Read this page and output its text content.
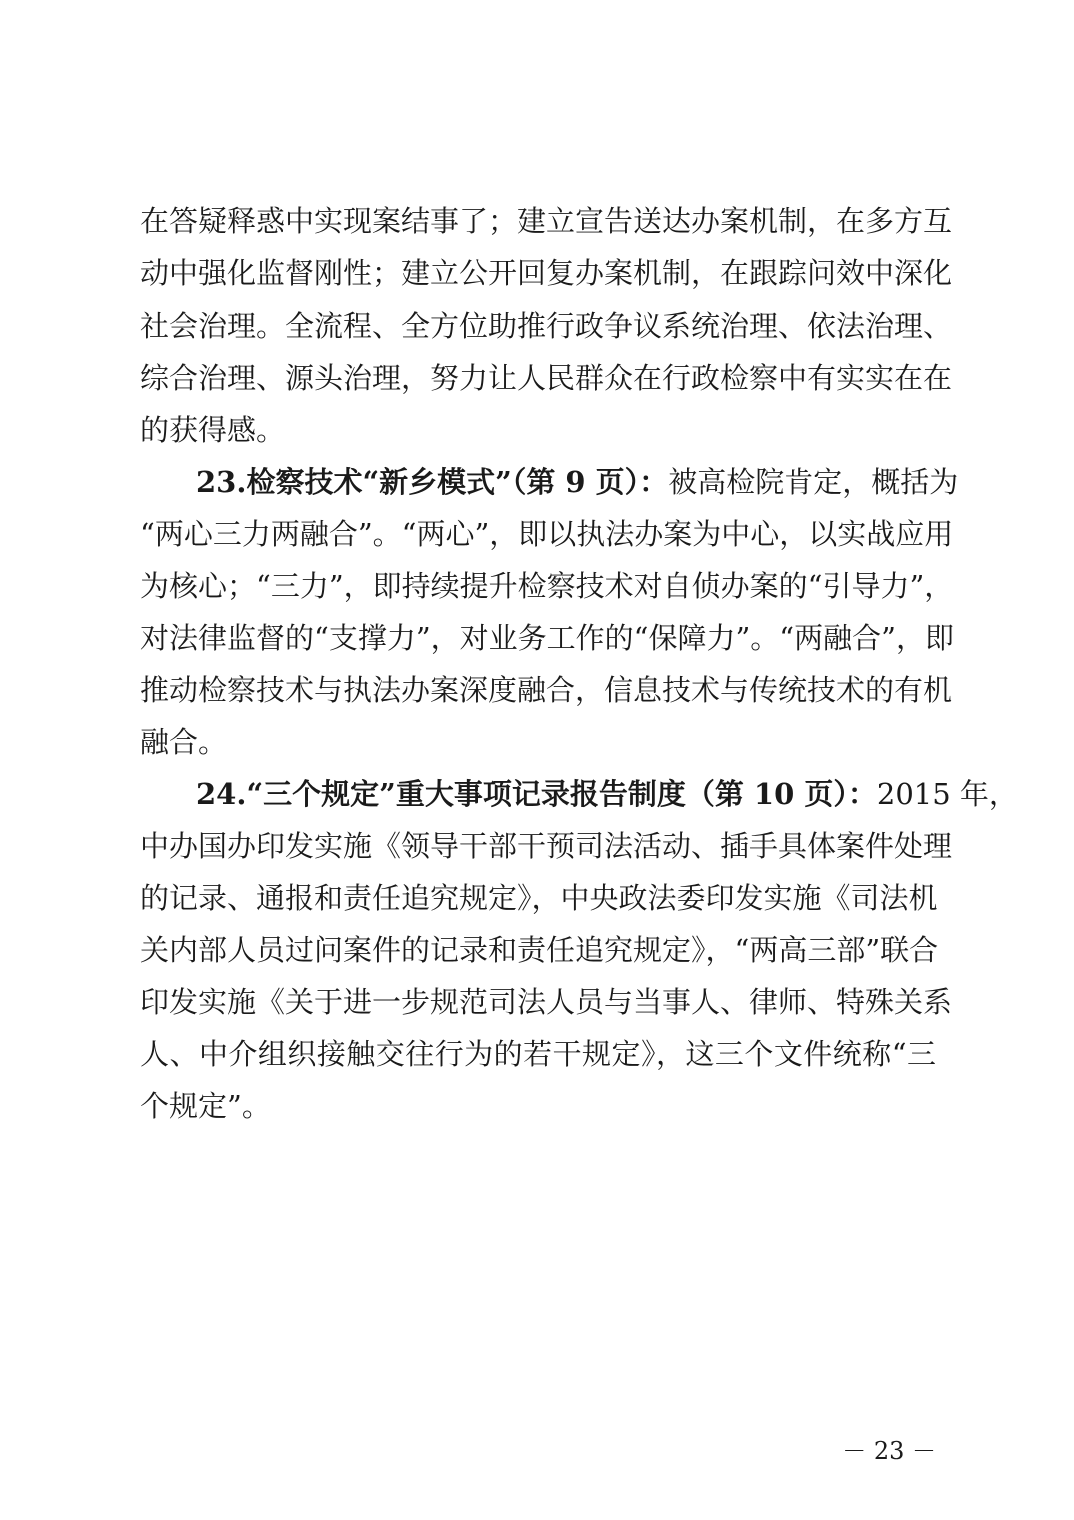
在答疑释惑中实现案结事了；建立宣告送达办案机制，在多方互
动中强化监督刚性；建立公开回复办案机制，在跟踪问效中深化
社会治理。全流程、全方位助推行政争议系统治理、依法治理、
综合治理、源头治理，努力让人民群众在行政检察中有实实在在
的获得感。
23.检察技术“新乡模式”（第 9 页）：被高检院肯定，概括为
“两心三力两融合”。“两心”，即以执法办案为中心，以实战应用
为核心；“三力”，即持续提升检察技术对自侦办案的“引导力”，
对法律监督的“支撑力”，对业务工作的“保障力”。“两融合”，即
推动检察技术与执法办案深度融合，信息技术与传统技术的有机
融合。
24.“三个规定”重大事项记录报告制度（第 10 页）：2015 年，
中办国办印发实施《领导干部干预司法活动、插手具体案件处理
的记录、通报和责任追究规定》，中央政法委印发实施《司法机
关内部人员过问案件的记录和责任追究规定》，“两高三部”联合
印发实施《关于进一步规范司法人员与当事人、律师、特殊关系
人、中介组织接触交往行为的若干规定》，这三个文件统称“三
个规定”。
－ 23 －
